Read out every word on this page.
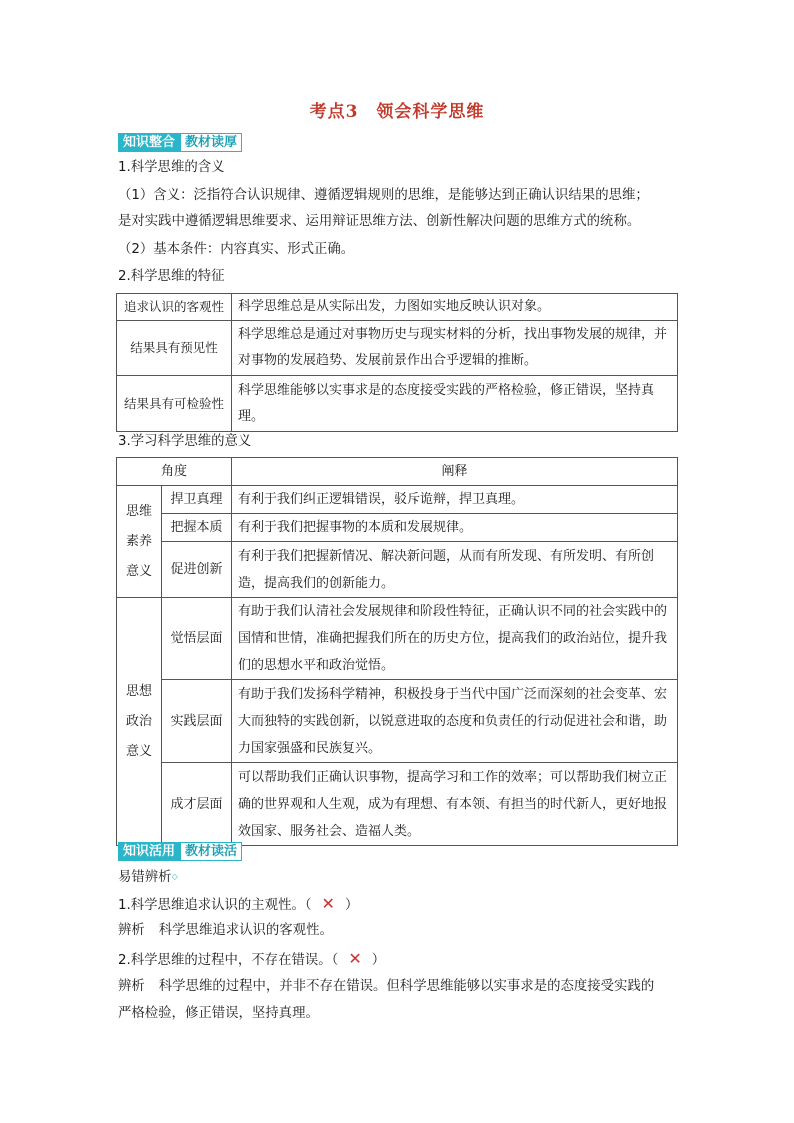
考点3　领会科学思维
知识整合 教材读厚
1.科学思维的含义
（1）含义：泛指符合认识规律、遵循逻辑规则的思维，是能够达到正确认识结果的思维；
是对实践中遵循逻辑思维要求、运用辩证思维方法、创新性解决问题的思维方式的统称。
（2）基本条件：内容真实、形式正确。
2.科学思维的特征
追求认识的客观性	科学思维总是从实际出发，力图如实地反映认识对象。
结果具有预见性	科学思维总是通过对事物历史与现实材料的分析，找出事物发展的规律，并对事物的发展趋势、发展前景作出合乎逻辑的推断。
结果具有可检验性	科学思维能够以实事求是的态度接受实践的严格检验，修正错误，坚持真理。
3.学习科学思维的意义
角度		阐释
思维素养意义	捍卫真理	有利于我们纠正逻辑错误，驳斥诡辩，捍卫真理。
	把握本质	有利于我们把握事物的本质和发展规律。
	促进创新	有利于我们把握新情况、解决新问题，从而有所发现、有所发明、有所创造，提高我们的创新能力。
思想政治意义	觉悟层面	有助于我们认清社会发展规律和阶段性特征，正确认识不同的社会实践中的国情和世情，准确把握我们所在的历史方位，提高我们的政治站位，提升我们的思想水平和政治觉悟。
	实践层面	有助于我们发扬科学精神，积极投身于当代中国广泛而深刻的社会变革、宏大而独特的实践创新，以锐意进取的态度和负责任的行动促进社会和谐，助力国家强盛和民族复兴。
	成才层面	可以帮助我们正确认识事物，提高学习和工作的效率；可以帮助我们树立正确的世界观和人生观，成为有理想、有本领、有担当的时代新人，更好地报效国家、服务社会、造福人类。
知识活用 教材读活
易错辨析◇
1.科学思维追求认识的主观性。（ ✕ ）
辨析 科学思维追求认识的客观性。
2.科学思维的过程中，不存在错误。（ ✕ ）
辨析 科学思维的过程中，并非不存在错误。但科学思维能够以实事求是的态度接受实践的
严格检验，修正错误，坚持真理。
